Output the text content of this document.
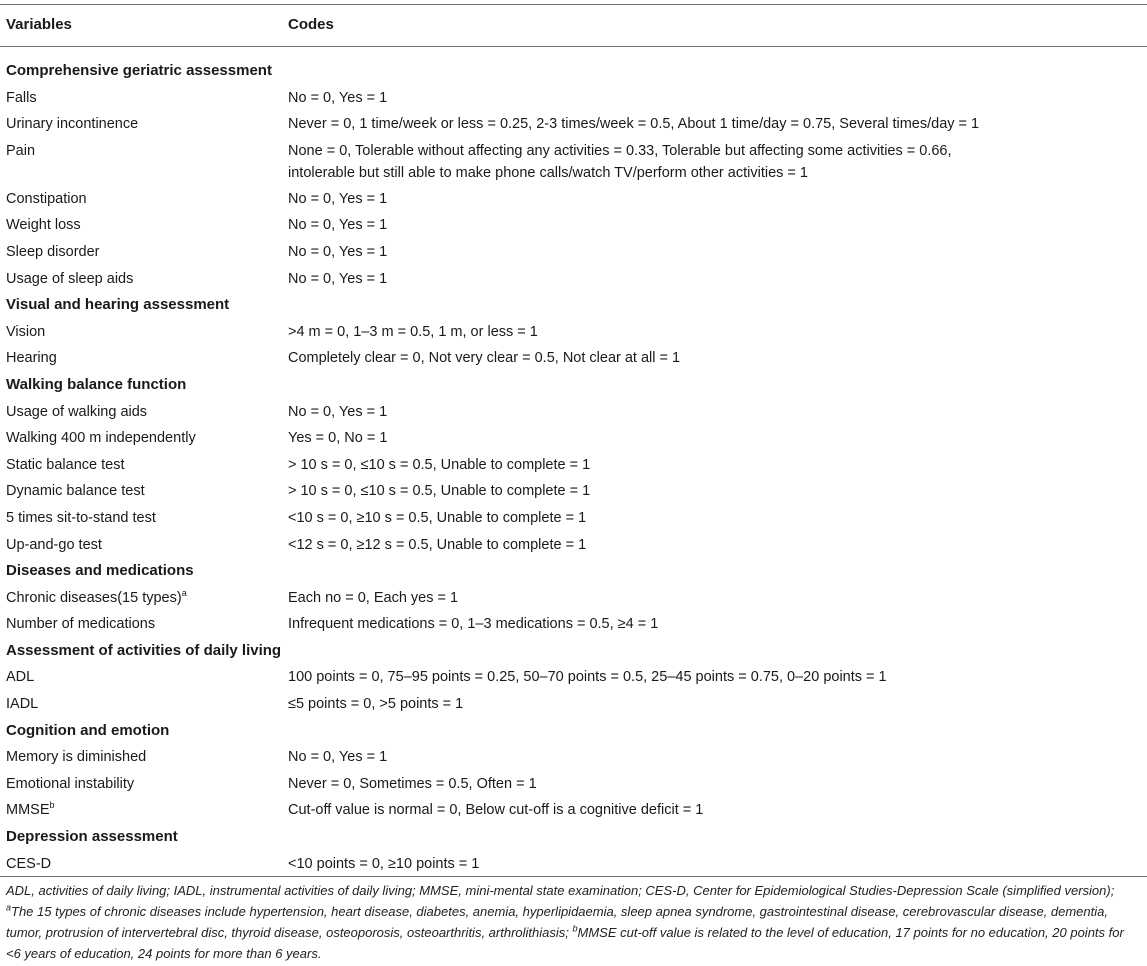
Variables	Codes
Comprehensive geriatric assessment
Falls	No = 0, Yes = 1
Urinary incontinence	Never = 0, 1 time/week or less = 0.25, 2-3 times/week = 0.5, About 1 time/day = 0.75, Several times/day = 1
Pain	None = 0, Tolerable without affecting any activities = 0.33, Tolerable but affecting some activities = 0.66,
intolerable but still able to make phone calls/watch TV/perform other activities = 1
Constipation	No = 0, Yes = 1
Weight loss	No = 0, Yes = 1
Sleep disorder	No = 0, Yes = 1
Usage of sleep aids	No = 0, Yes = 1
Visual and hearing assessment
Vision	>4 m = 0, 1–3 m = 0.5, 1 m, or less = 1
Hearing	Completely clear = 0, Not very clear = 0.5, Not clear at all = 1
Walking balance function
Usage of walking aids	No = 0, Yes = 1
Walking 400 m independently	Yes = 0, No = 1
Static balance test	> 10 s = 0, ≤10 s = 0.5, Unable to complete = 1
Dynamic balance test	> 10 s = 0, ≤10 s = 0.5, Unable to complete = 1
5 times sit-to-stand test	<10 s = 0, ≥10 s = 0.5, Unable to complete = 1
Up-and-go test	<12 s = 0, ≥12 s = 0.5, Unable to complete = 1
Diseases and medications
Chronic diseases(15 types)$^a$	Each no = 0, Each yes = 1
Number of medications	Infrequent medications = 0, 1–3 medications = 0.5, ≥4 = 1
Assessment of activities of daily living
ADL	100 points = 0, 75–95 points = 0.25, 50–70 points = 0.5, 25–45 points = 0.75, 0–20 points = 1
IADL	≤5 points = 0, >5 points = 1
Cognition and emotion
Memory is diminished	No = 0, Yes = 1
Emotional instability	Never = 0, Sometimes = 0.5, Often = 1
MMSE$^b$	Cut-off value is normal = 0, Below cut-off is a cognitive deficit = 1
Depression assessment
CES-D	<10 points = 0, ≥10 points = 1
ADL, activities of daily living; IADL, instrumental activities of daily living; MMSE, mini-mental state examination; CES-D, Center for Epidemiological Studies-Depression Scale (simplified version); $^a$The 15 types of chronic diseases include hypertension, heart disease, diabetes, anemia, hyperlipidaemia, sleep apnea syndrome, gastrointestinal disease, cerebrovascular disease, dementia, tumor, protrusion of intervertebral disc, thyroid disease, osteoporosis, osteoarthritis, arthrolithiasis; $^b$MMSE cut-off value is related to the level of education, 17 points for no education, 20 points for <6 years of education, 24 points for more than 6 years.
